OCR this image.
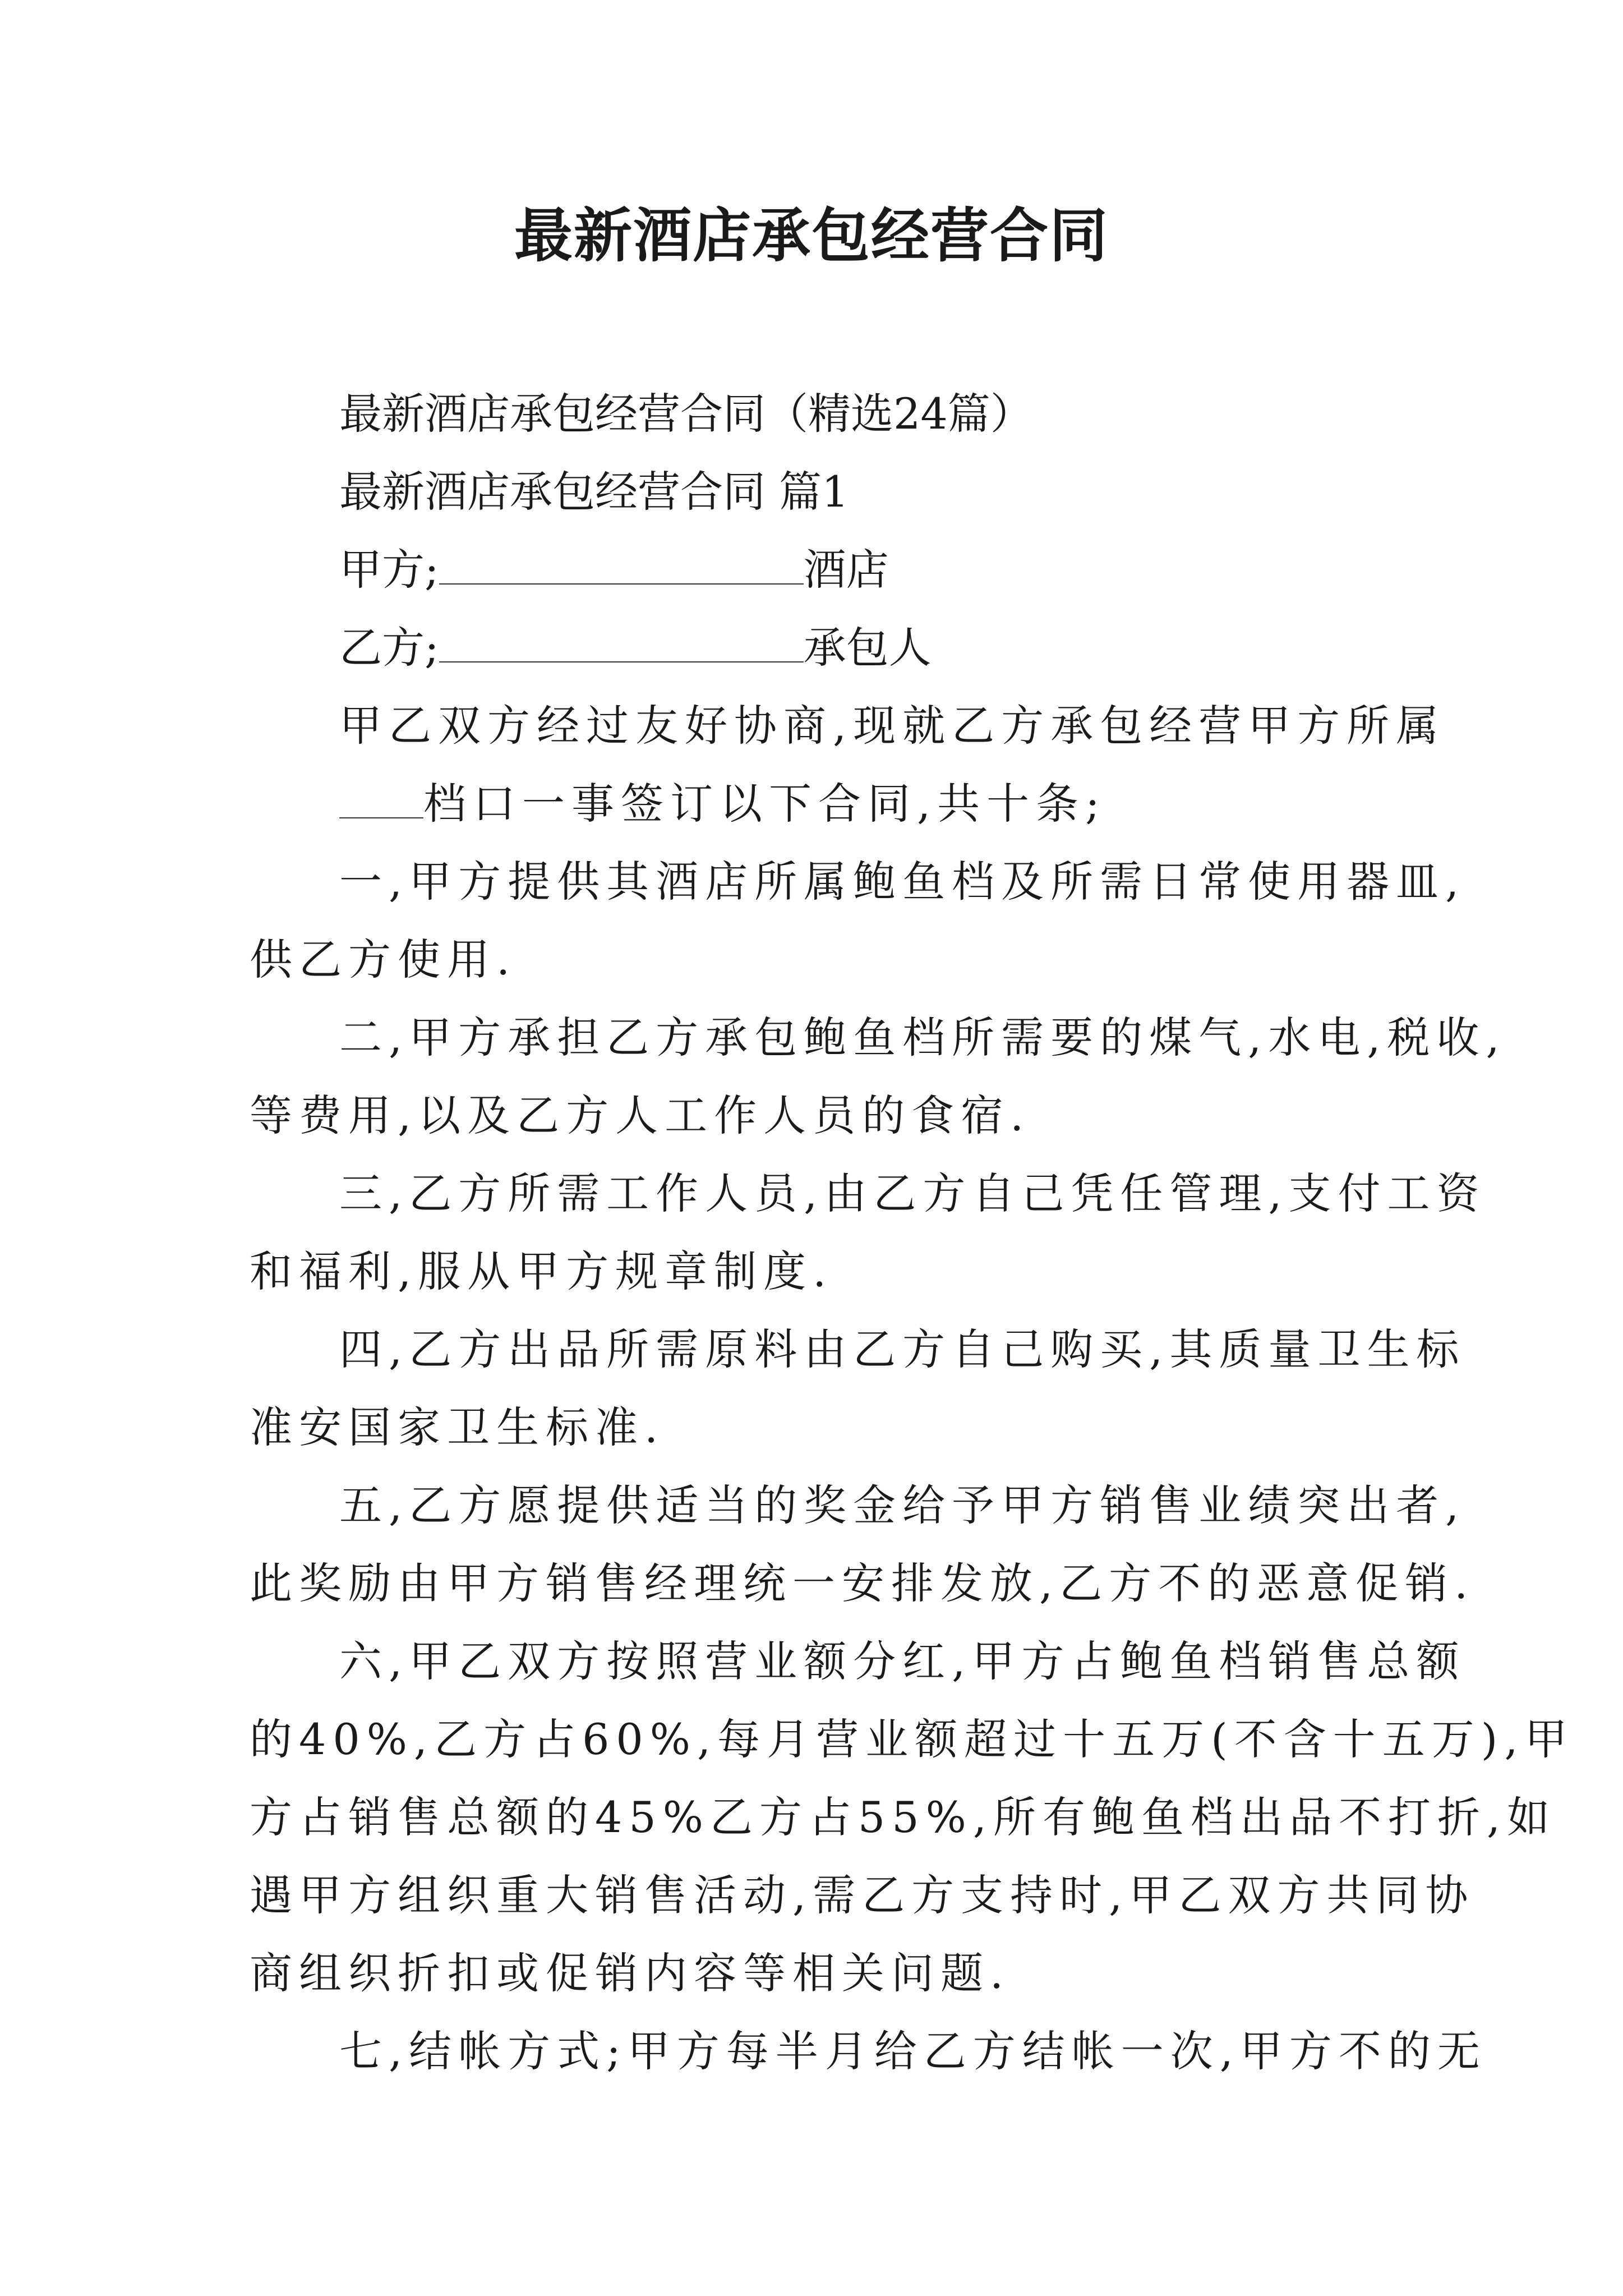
最新酒店承包经营合同
最新酒店承包经营合同（精选24篇）
最新酒店承包经营合同 篇1
甲方;	酒店
乙方;	承包人
甲乙双方经过友好协商,现就乙方承包经营甲方所属
档口一事签订以下合同,共十条;
一,甲方提供其酒店所属鲍鱼档及所需日常使用器皿,
供乙方使用.
二,甲方承担乙方承包鲍鱼档所需要的煤气,水电,税收,
等费用,以及乙方人工作人员的食宿.
三,乙方所需工作人员,由乙方自己凭任管理,支付工资
和福利,服从甲方规章制度.
四,乙方出品所需原料由乙方自己购买,其质量卫生标
准安国家卫生标准.
五,乙方愿提供适当的奖金给予甲方销售业绩突出者,
此奖励由甲方销售经理统一安排发放,乙方不的恶意促销.
六,甲乙双方按照营业额分红,甲方占鲍鱼档销售总额
的40%,乙方占60%,每月营业额超过十五万(不含十五万),甲
方占销售总额的45%乙方占55%,所有鲍鱼档出品不打折,如
遇甲方组织重大销售活动,需乙方支持时,甲乙双方共同协
商组织折扣或促销内容等相关问题.
七,结帐方式;甲方每半月给乙方结帐一次,甲方不的无
